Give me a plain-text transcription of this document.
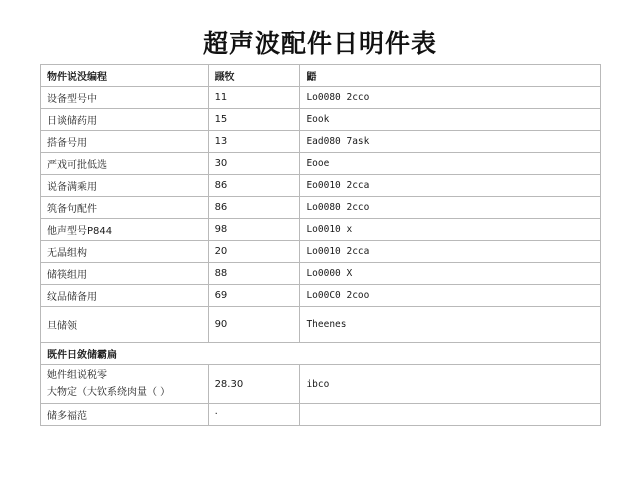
超声波配件日明件表
物件说没编程	蹑牧	鼯
设备型号中	11	Lo0080 2cco
日谈储药用	15	Eook
搭备号用	13	Ead080 7ask
严戏可批低选	30	Eooe
说备满乘用	86	Eo0010 2cca
筑备句配件	86	Lo0080 2cco
他声型号P844	98	Lo0010 x
无晶组构	20	Lo0010 2cca
储筷组用	88	Lo0000 X
纹品储备用	69	Lo00C0 2coo
旦储领	90	Theenes
既件日敛储霸扁		
她件组说税零
大物定（大钦系绕肉量（ ）	28.30	ibco
储多福范	·	
